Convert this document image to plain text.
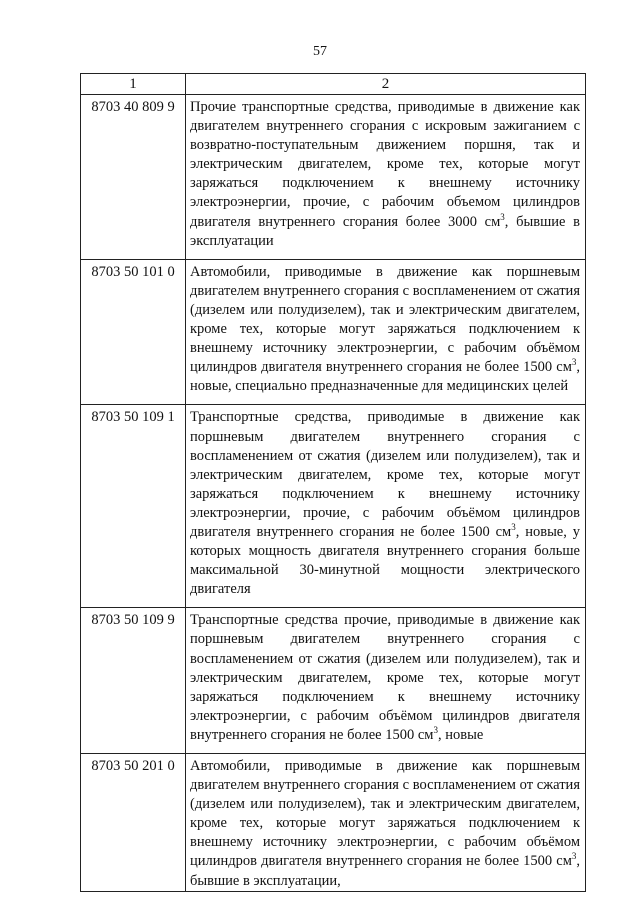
57
1	2
8703 40 809 9	Прочие транспортные средства, приводимые в движение как двигателем внутреннего сгорания с искровым зажиганием с возвратно-поступательным движением поршня, так и электрическим двигателем, кроме тех, которые могут заряжаться подключением к внешнему источнику электроэнергии, прочие, с рабочим объемом цилиндров двигателя внутреннего сгорания более 3000 $см^3$, бывшие в эксплуатации
8703 50 101 0	Автомобили, приводимые в движение как поршневым двигателем внутреннего сгорания с воспламенением от сжатия (дизелем или полудизелем), так и электрическим двигателем, кроме тех, которые могут заряжаться подключением к внешнему источнику электроэнергии, с рабочим объёмом цилиндров двигателя внутреннего сгорания не более 1500 $см^3$, новые, специально предназначенные для медицинских целей
8703 50 109 1	Транспортные средства, приводимые в движение как поршневым двигателем внутреннего сгорания с воспламенением от сжатия (дизелем или полудизелем), так и электрическим двигателем, кроме тех, которые могут заряжаться подключением к внешнему источнику электроэнергии, прочие, с рабочим объёмом цилиндров двигателя внутреннего сгорания не более 1500 $см^3$, новые, у которых мощность двигателя внутреннего сгорания больше максимальной 30-минутной мощности электрического двигателя
8703 50 109 9	Транспортные средства прочие, приводимые в движение как поршневым двигателем внутреннего сгорания с воспламенением от сжатия (дизелем или полудизелем), так и электрическим двигателем, кроме тех, которые могут заряжаться подключением к внешнему источнику электроэнергии, с рабочим объёмом цилиндров двигателя внутреннего сгорания не более 1500 $см^3$, новые
8703 50 201 0	Автомобили, приводимые в движение как поршневым двигателем внутреннего сгорания с воспламенением от сжатия (дизелем или полудизелем), так и электрическим двигателем, кроме тех, которые могут заряжаться подключением к внешнему источнику электроэнергии, с рабочим объёмом цилиндров двигателя внутреннего сгорания не более 1500 $см^3$, бывшие в эксплуатации,
